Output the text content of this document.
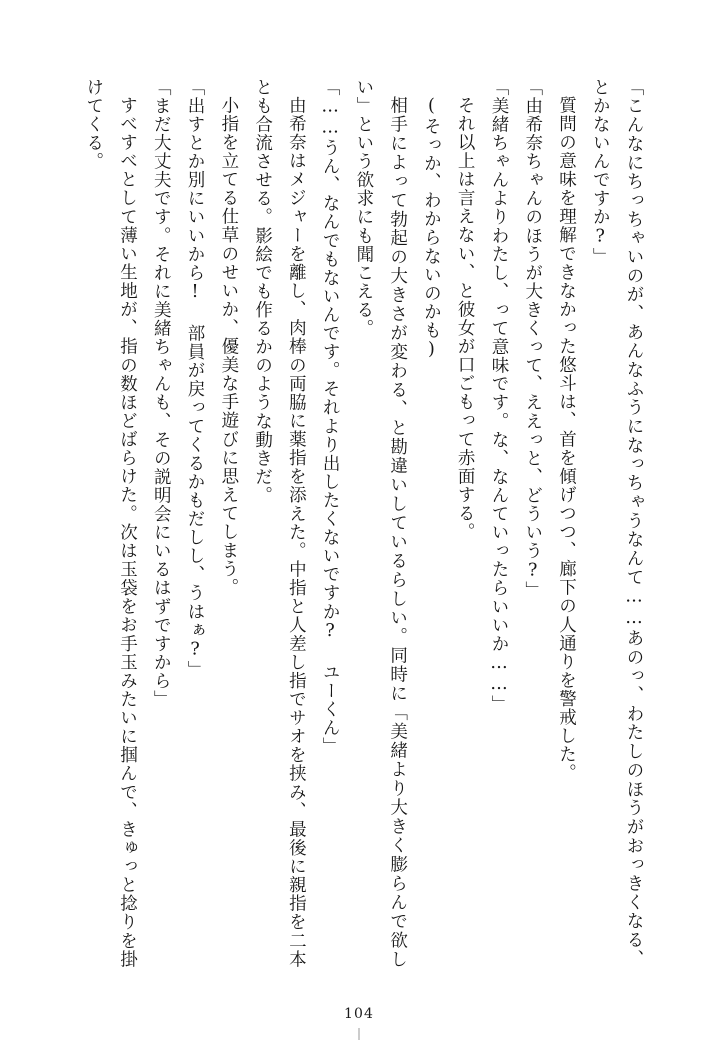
「こんなにちっちゃいのが、あんなふうになっちゃうなんて……あのっ、わたしのほうがおっきくなる、とかないんですか?」

質問の意味を理解できなかった悠斗は、首を傾げつつ、廊下の人通りを警戒した。

「由希奈ちゃんのほうが大きくって、ええっと、どういう?」

「美緒ちゃんよりわたし、って意味です。な、なんていったらいいか……」

それ以上は言えない、と彼女が口ごもって赤面する。

(そっか、わからないのかも)

相手によって勃起の大きさが変わる、と勘違いしているらしい。同時に「美緒より大きく膨らんで欲しい」という欲求にも聞こえる。

「……うん、なんでもないんです。それより出したくないですか? ユーくん」

由希奈はメジャーを離し、肉棒の両脇に薬指を添えた。中指と人差し指でサオを挟み、最後に親指を二本とも合流させる。影絵でも作るかのような動きだ。

小指を立てる仕草のせいか、優美な手遊びに思えてしまう。

「出すとか別にいいから! 部員が戻ってくるかもだしし、うはぁ?」

「まだ大丈夫です。それに美緒ちゃんも、その説明会にいるはずですから」

すべすべとして薄い生地が、指の数ほどばらけた。次は玉袋をお手玉みたいに掴んで、きゅっと捻りを掛けてくる。

104
